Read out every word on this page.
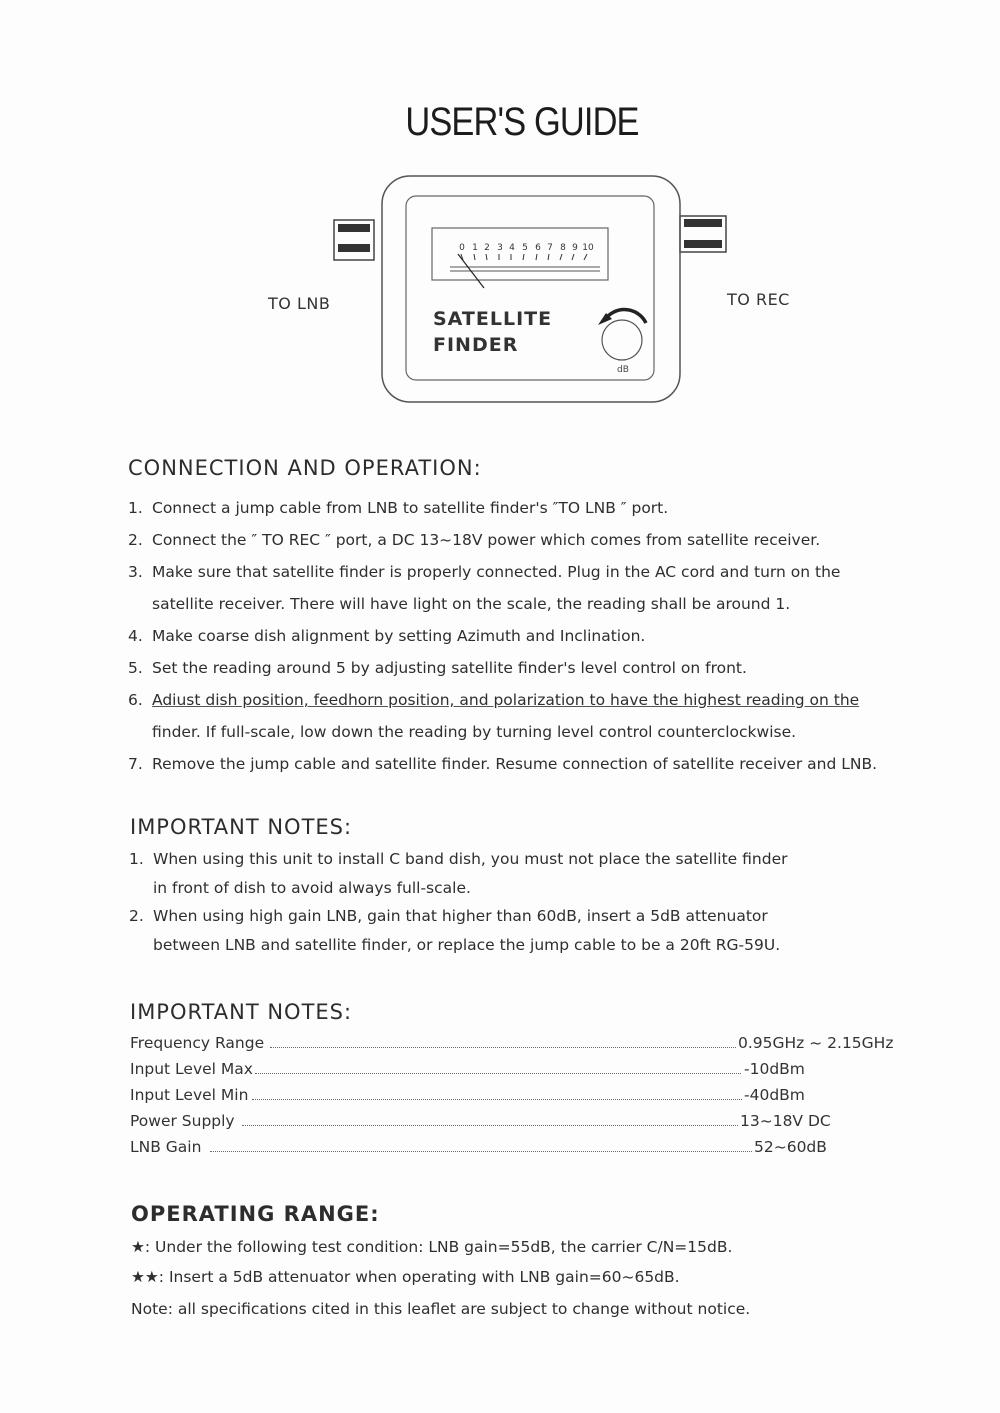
USER'S GUIDE
0 1 2 3 4 5 6 7 8 9 10
SATELLITE
FINDER
dB
TO LNB	TO REC
CONNECTION AND OPERATION:
1. Connect a jump cable from LNB to satellite finder's ″TO LNB ″ port.
2. Connect the ″ TO REC ″ port, a DC 13~18V power which comes from satellite receiver.
3. Make sure that satellite finder is properly connected. Plug in the AC cord and turn on the
satellite receiver. There will have light on the scale, the reading shall be around 1.
4. Make coarse dish alignment by setting Azimuth and Inclination.
5. Set the reading around 5 by adjusting satellite finder's level control on front.
6. Adiust dish position, feedhorn position, and polarization to have the highest reading on the
finder. If full-scale, low down the reading by turning level control counterclockwise.
7. Remove the jump cable and satellite finder. Resume connection of satellite receiver and LNB.
IMPORTANT NOTES:
1. When using this unit to install C band dish, you must not place the satellite finder
in front of dish to avoid always full-scale.
2. When using high gain LNB, gain that higher than 60dB, insert a 5dB attenuator
between LNB and satellite finder, or replace the jump cable to be a 20ft RG-59U.
IMPORTANT NOTES:
Frequency Range	0.95GHz ~ 2.15GHz
Input Level Max	-10dBm
Input Level Min	-40dBm
Power Supply	13~18V DC
LNB Gain	52~60dB
OPERATING RANGE:
★: Under the following test condition: LNB gain=55dB, the carrier C/N=15dB.
★★: Insert a 5dB attenuator when operating with LNB gain=60~65dB.
Note: all specifications cited in this leaflet are subject to change without notice.
